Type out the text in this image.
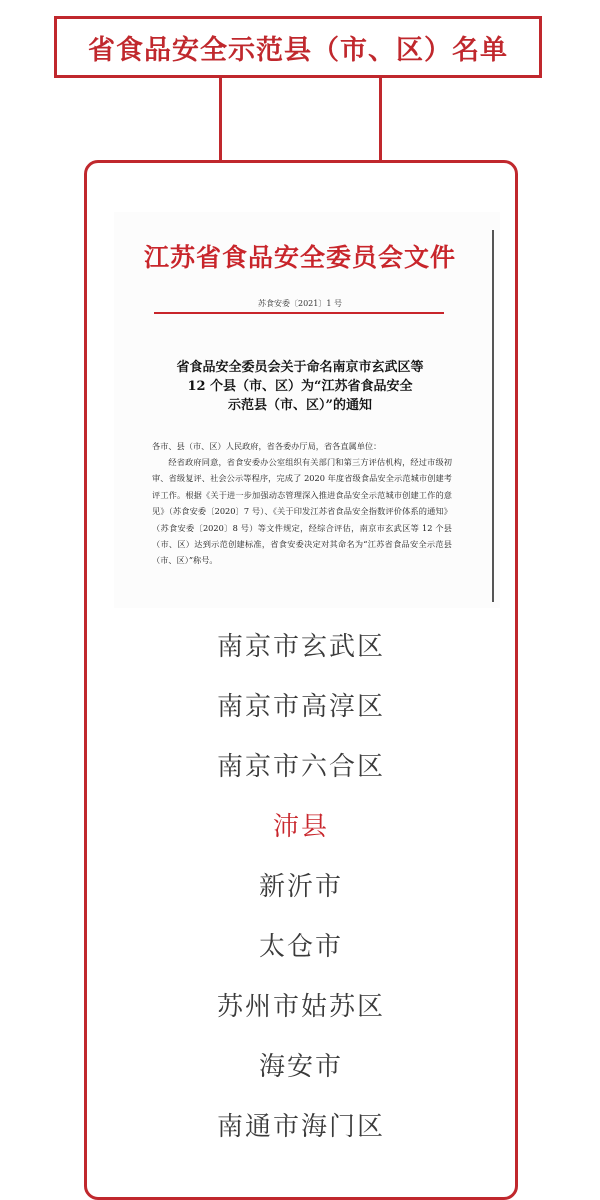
省食品安全示范县（市、区）名单
江苏省食品安全委员会文件
苏食安委〔2021〕1 号
省食品安全委员会关于命名南京市玄武区等
12 个县（市、区）为“江苏省食品安全
示范县（市、区）”的通知
各市、县（市、区）人民政府，省各委办厅局，省各直属单位：
经省政府同意，省食安委办公室组织有关部门和第三方评估机构，经过市级初审、省级复评、社会公示等程序，完成了 2020 年度省级食品安全示范城市创建考评工作。根据《关于进一步加强动态管理深入推进食品安全示范城市创建工作的意见》（苏食安委〔2020〕7 号）、《关于印发江苏省食品安全指数评价体系的通知》（苏食安委〔2020〕8 号）等文件规定，经综合评估，南京市玄武区等 12 个县（市、区）达到示范创建标准，省食安委决定对其命名为“江苏省食品安全示范县（市、区）”称号。
南京市玄武区
南京市高淳区
南京市六合区
沛县
新沂市
太仓市
苏州市姑苏区
海安市
南通市海门区
